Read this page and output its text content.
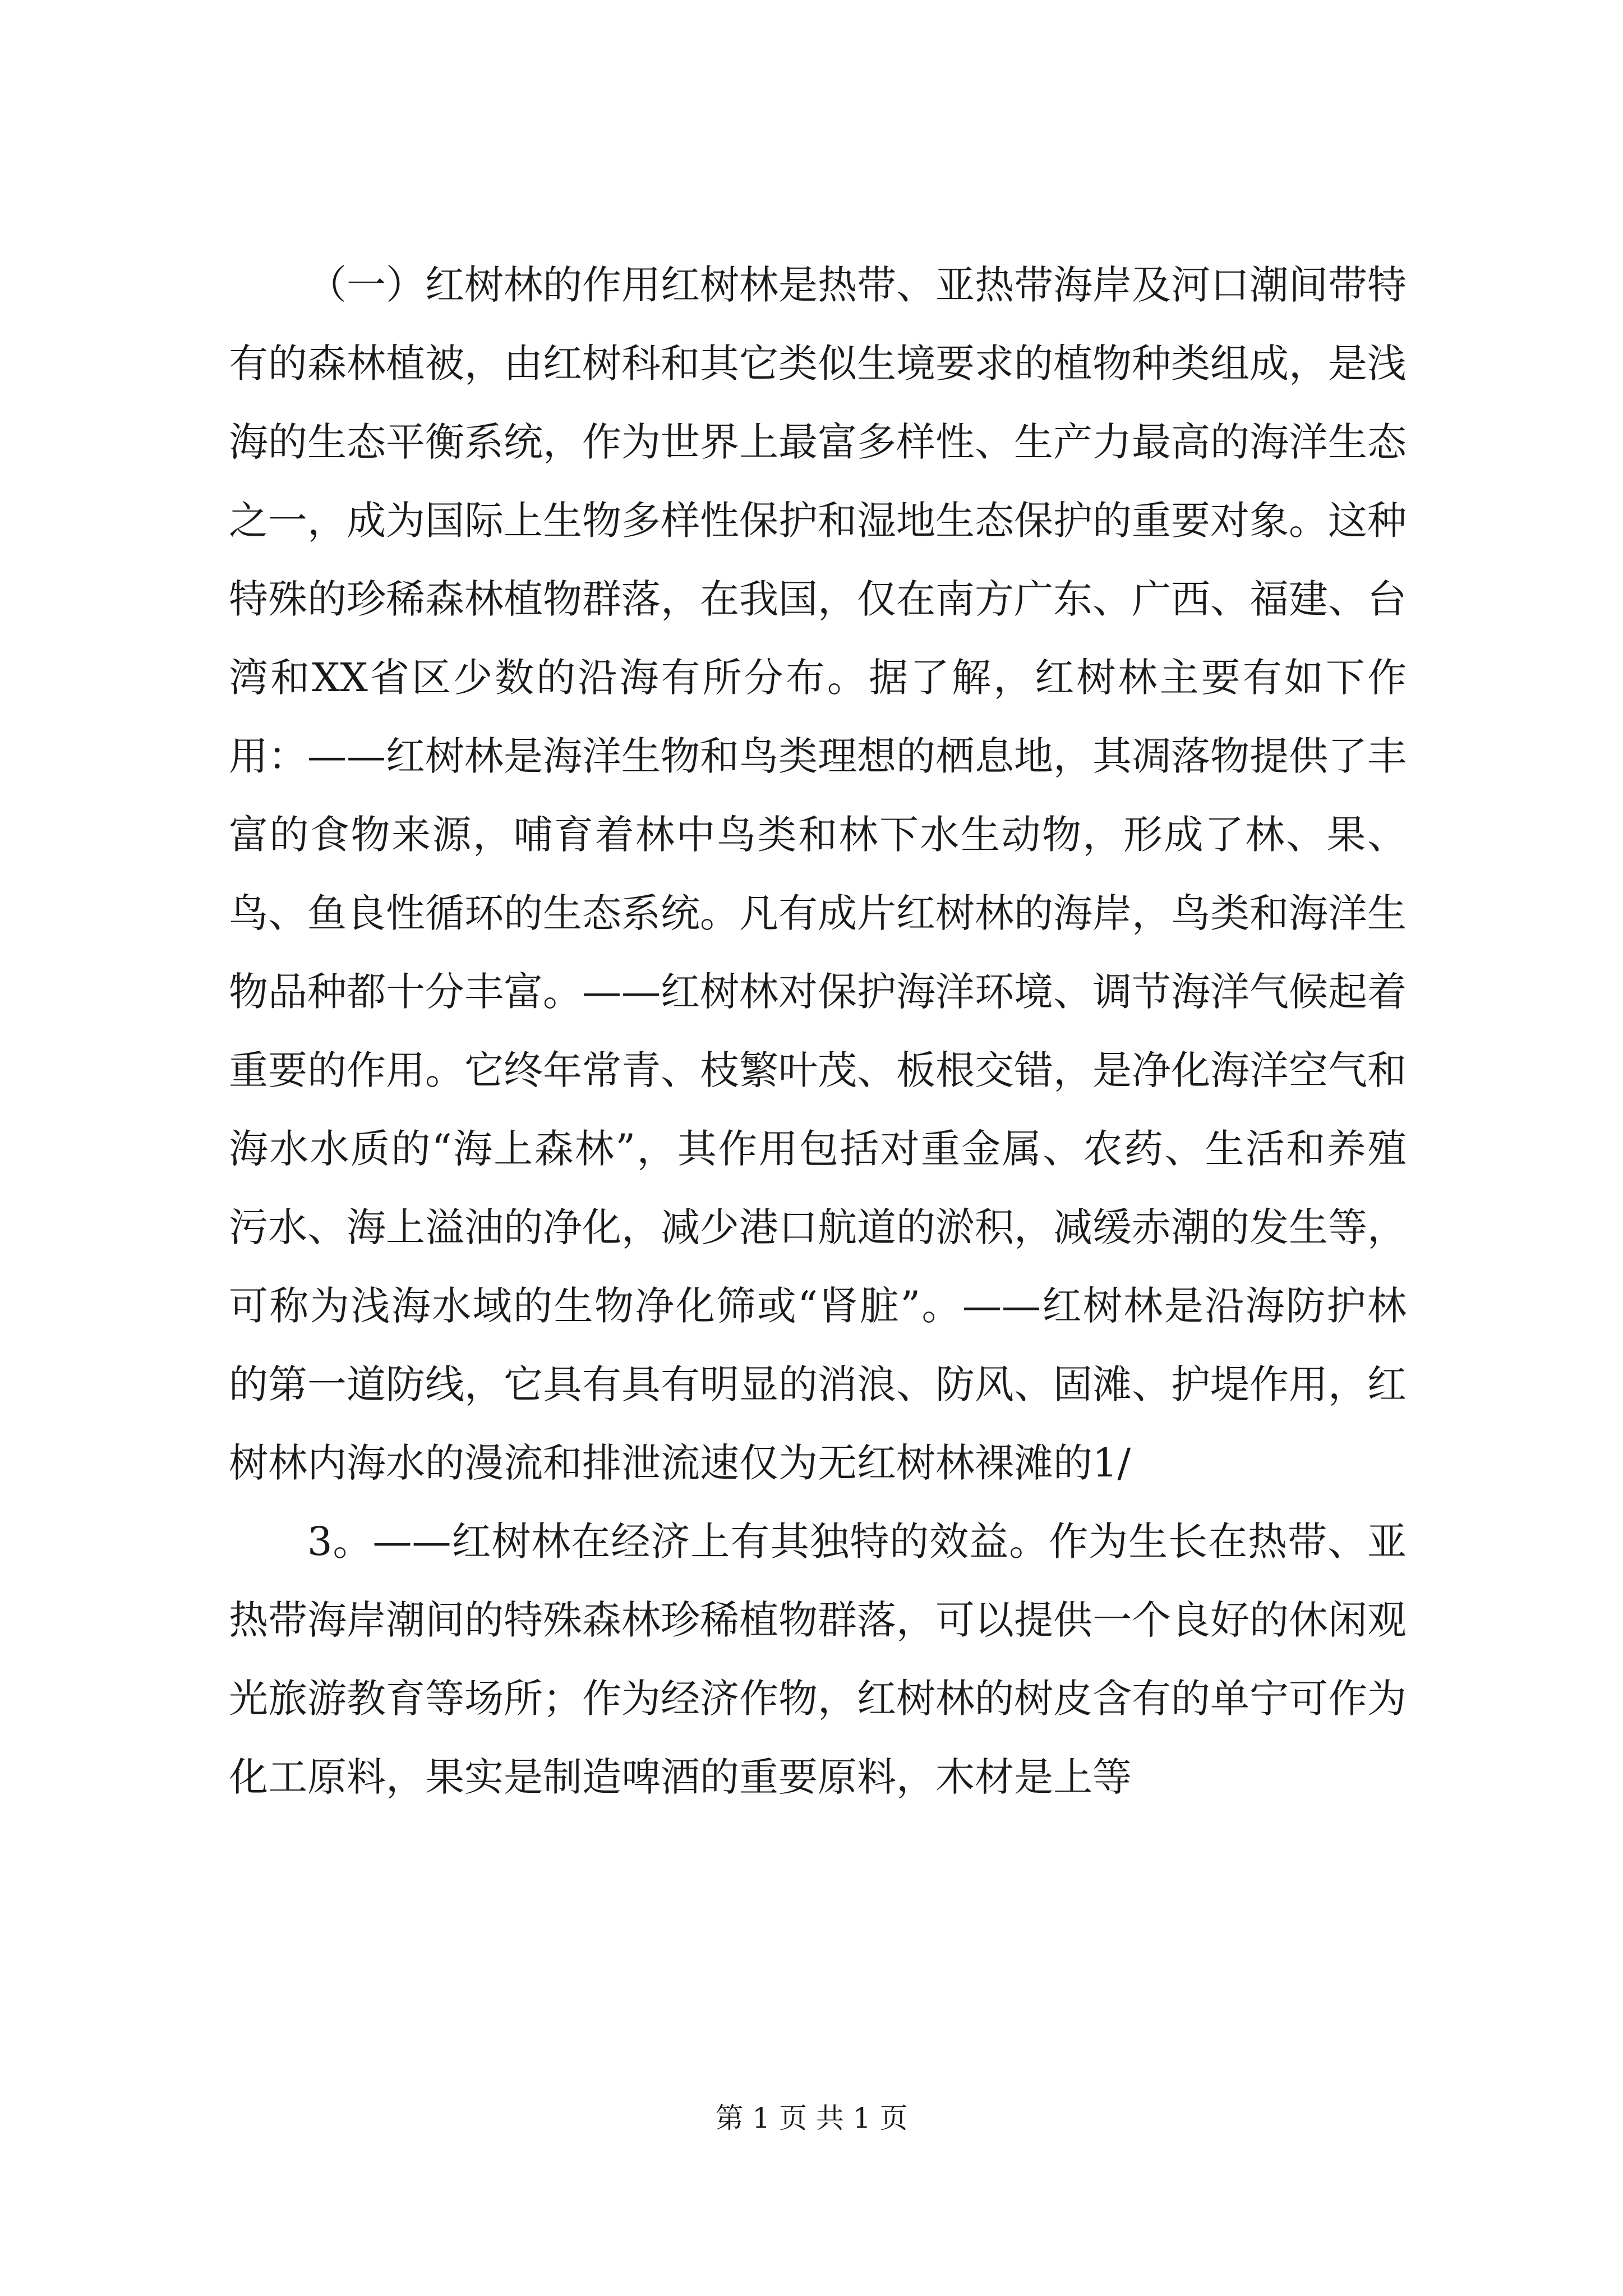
（一）红树林的作用红树林是热带、亚热带海岸及河口潮间带特有的森林植被，由红树科和其它类似生境要求的植物种类组成，是浅海的生态平衡系统，作为世界上最富多样性、生产力最高的海洋生态之一，成为国际上生物多样性保护和湿地生态保护的重要对象。这种特殊的珍稀森林植物群落，在我国，仅在南方广东、广西、福建、台湾和XX省区少数的沿海有所分布。据了解，红树林主要有如下作用：——红树林是海洋生物和鸟类理想的栖息地，其凋落物提供了丰富的食物来源，哺育着林中鸟类和林下水生动物，形成了林、果、鸟、鱼良性循环的生态系统。凡有成片红树林的海岸，鸟类和海洋生物品种都十分丰富。——红树林对保护海洋环境、调节海洋气候起着重要的作用。它终年常青、枝繁叶茂、板根交错，是净化海洋空气和海水水质的“海上森林”，其作用包括对重金属、农药、生活和养殖污水、海上溢油的净化，减少港口航道的淤积，减缓赤潮的发生等，可称为浅海水域的生物净化筛或“肾脏”。——红树林是沿海防护林的第一道防线，它具有具有明显的消浪、防风、固滩、护堤作用，红树林内海水的漫流和排泄流速仅为无红树林裸滩的1/

3。——红树林在经济上有其独特的效益。作为生长在热带、亚热带海岸潮间的特殊森林珍稀植物群落，可以提供一个良好的休闲观光旅游教育等场所；作为经济作物，红树林的树皮含有的单宁可作为化工原料，果实是制造啤酒的重要原料，木材是上等

第 1 页 共 1 页
